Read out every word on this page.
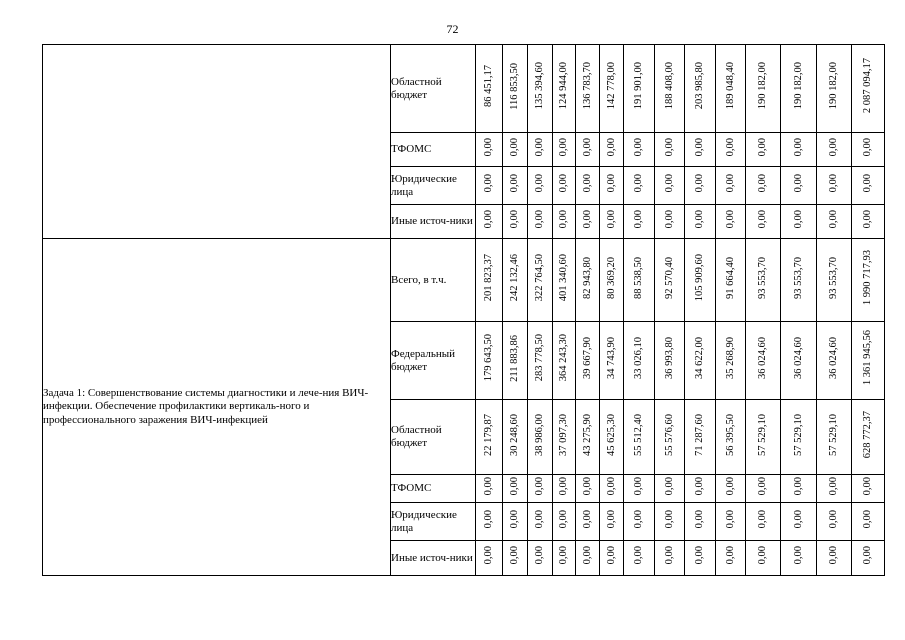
72
	Областной бюджет	86 451,17	116 853,50	135 394,60	124 944,00	136 783,70	142 778,00	191 901,00	188 408,00	203 985,80	189 048,40	190 182,00	190 182,00	190 182,00	2 087 094,17
	ТФОМС	0,00	0,00	0,00	0,00	0,00	0,00	0,00	0,00	0,00	0,00	0,00	0,00	0,00	0,00
	Юридические лица	0,00	0,00	0,00	0,00	0,00	0,00	0,00	0,00	0,00	0,00	0,00	0,00	0,00	0,00
	Иные источ-ники	0,00	0,00	0,00	0,00	0,00	0,00	0,00	0,00	0,00	0,00	0,00	0,00	0,00	0,00
Задача 1: Совершенствование системы диагностики и лече-ния ВИЧ-инфекции. Обеспечение профилактики вертикаль-ного и профессионального заражения ВИЧ-инфекцией	Всего, в т.ч.	201 823,37	242 132,46	322 764,50	401 340,60	82 943,80	80 369,20	88 538,50	92 570,40	105 909,60	91 664,40	93 553,70	93 553,70	93 553,70	1 990 717,93
	Федеральный бюджет	179 643,50	211 883,86	283 778,50	364 243,30	39 667,90	34 743,90	33 026,10	36 993,80	34 622,00	35 268,90	36 024,60	36 024,60	36 024,60	1 361 945,56
	Областной бюджет	22 179,87	30 248,60	38 986,00	37 097,30	43 275,90	45 625,30	55 512,40	55 576,60	71 287,60	56 395,50	57 529,10	57 529,10	57 529,10	628 772,37
	ТФОМС	0,00	0,00	0,00	0,00	0,00	0,00	0,00	0,00	0,00	0,00	0,00	0,00	0,00	0,00
	Юридические лица	0,00	0,00	0,00	0,00	0,00	0,00	0,00	0,00	0,00	0,00	0,00	0,00	0,00	0,00
	Иные источ-ники	0,00	0,00	0,00	0,00	0,00	0,00	0,00	0,00	0,00	0,00	0,00	0,00	0,00	0,00
